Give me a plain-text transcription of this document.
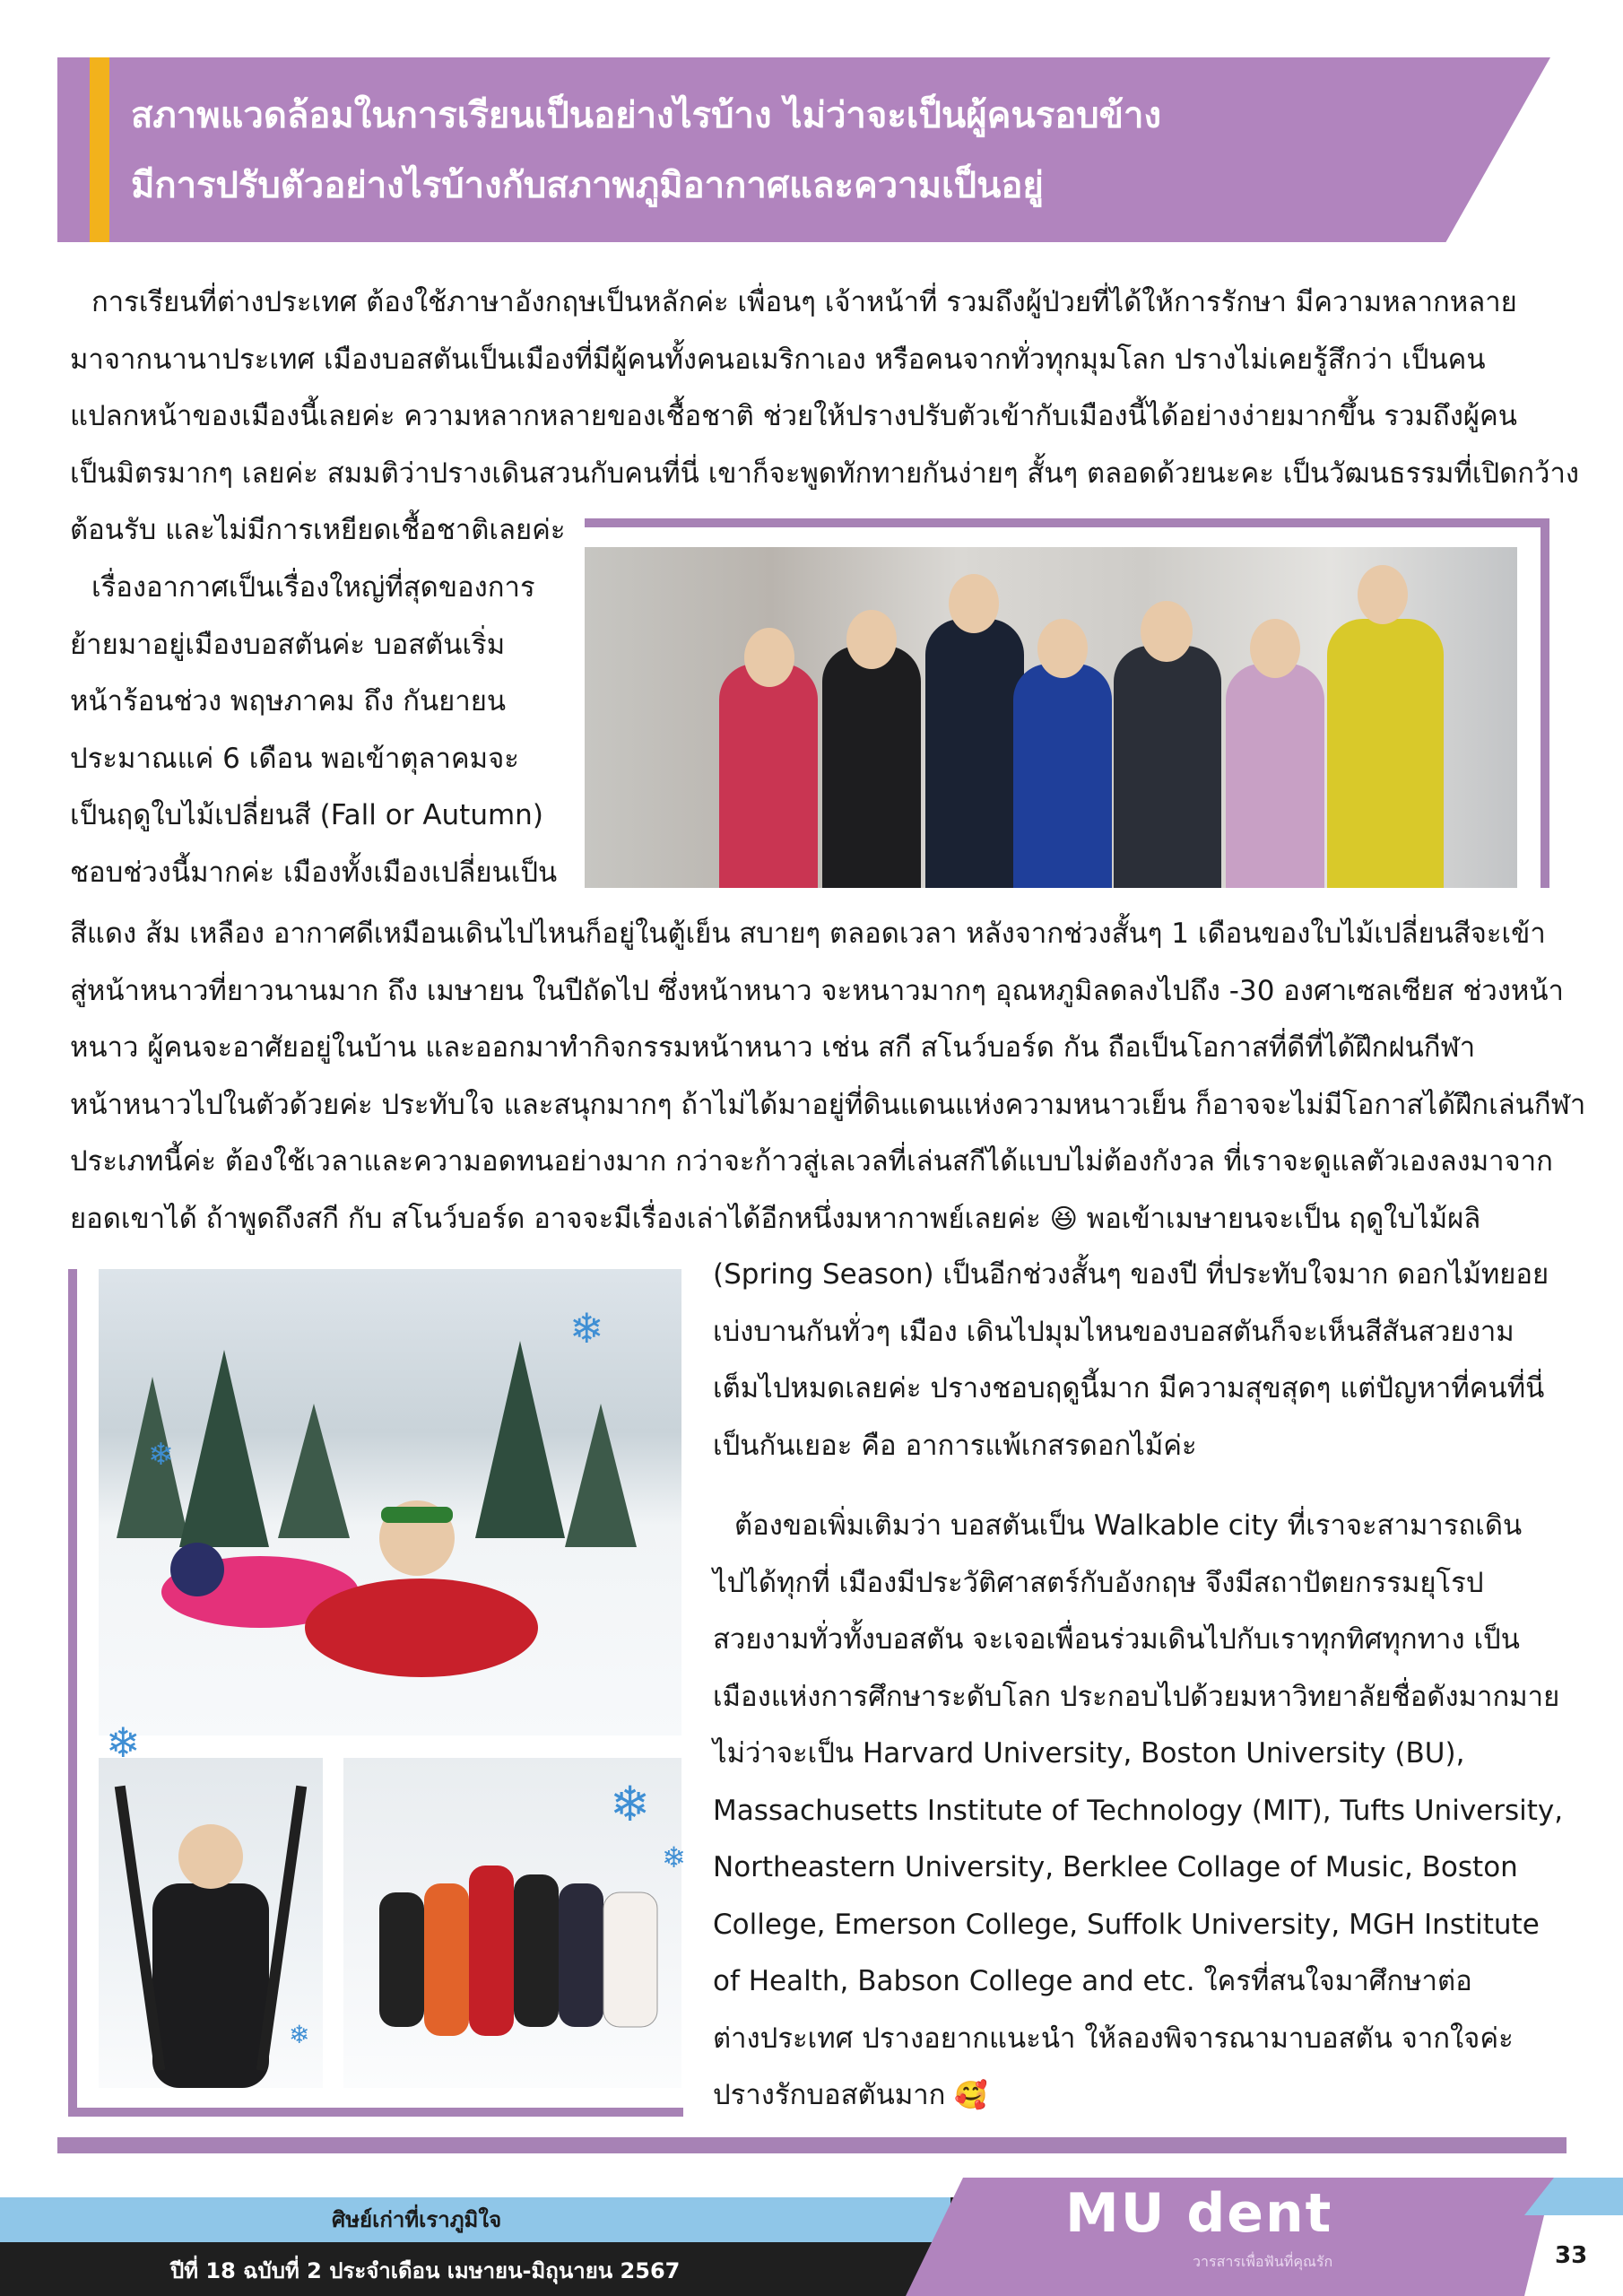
สภาพแวดล้อมในการเรียนเป็นอย่างไรบ้าง ไม่ว่าจะเป็นผู้คนรอบข้าง
มีการปรับตัวอย่างไรบ้างกับสภาพภูมิอากาศและความเป็นอยู่
การเรียนที่ต่างประเทศ ต้องใช้ภาษาอังกฤษเป็นหลักค่ะ เพื่อนๆ เจ้าหน้าที่ รวมถึงผู้ป่วยที่ได้ให้การรักษา มีความหลากหลาย
มาจากนานาประเทศ เมืองบอสตันเป็นเมืองที่มีผู้คนทั้งคนอเมริกาเอง หรือคนจากทั่วทุกมุมโลก ปรางไม่เคยรู้สึกว่า เป็นคน
แปลกหน้าของเมืองนี้เลยค่ะ ความหลากหลายของเชื้อชาติ ช่วยให้ปรางปรับตัวเข้ากับเมืองนี้ได้อย่างง่ายมากขึ้น รวมถึงผู้คน
เป็นมิตรมากๆ เลยค่ะ สมมติว่าปรางเดินสวนกับคนที่นี่ เขาก็จะพูดทักทายกันง่ายๆ สั้นๆ ตลอดด้วยนะคะ เป็นวัฒนธรรมที่เปิดกว้าง
ต้อนรับ และไม่มีการเหยียดเชื้อชาติเลยค่ะ
เรื่องอากาศเป็นเรื่องใหญ่ที่สุดของการ
ย้ายมาอยู่เมืองบอสตันค่ะ บอสตันเริ่ม
หน้าร้อนช่วง พฤษภาคม ถึง กันยายน
ประมาณแค่ 6 เดือน พอเข้าตุลาคมจะ
เป็นฤดูใบไม้เปลี่ยนสี (Fall or Autumn)
ชอบช่วงนี้มากค่ะ เมืองทั้งเมืองเปลี่ยนเป็น
สีแดง ส้ม เหลือง อากาศดีเหมือนเดินไปไหนก็อยู่ในตู้เย็น สบายๆ ตลอดเวลา หลังจากช่วงสั้นๆ 1 เดือนของใบไม้เปลี่ยนสีจะเข้า
สู่หน้าหนาวที่ยาวนานมาก ถึง เมษายน ในปีถัดไป ซึ่งหน้าหนาว จะหนาวมากๆ อุณหภูมิลดลงไปถึง -30 องศาเซลเซียส ช่วงหน้า
หนาว ผู้คนจะอาศัยอยู่ในบ้าน และออกมาทำกิจกรรมหน้าหนาว เช่น สกี สโนว์บอร์ด กัน ถือเป็นโอกาสที่ดีที่ได้ฝึกฝนกีฬา
หน้าหนาวไปในตัวด้วยค่ะ ประทับใจ และสนุกมากๆ ถ้าไม่ได้มาอยู่ที่ดินแดนแห่งความหนาวเย็น ก็อาจจะไม่มีโอกาสได้ฝึกเล่นกีฬา
ประเภทนี้ค่ะ ต้องใช้เวลาและความอดทนอย่างมาก กว่าจะก้าวสู่เลเวลที่เล่นสกีได้แบบไม่ต้องกังวล ที่เราจะดูแลตัวเองลงมาจาก
ยอดเขาได้ ถ้าพูดถึงสกี กับ สโนว์บอร์ด อาจจะมีเรื่องเล่าได้อีกหนึ่งมหากาพย์เลยค่ะ 😆 พอเข้าเมษายนจะเป็น ฤดูใบไม้ผลิ
(Spring Season) เป็นอีกช่วงสั้นๆ ของปี ที่ประทับใจมาก ดอกไม้ทยอย
เบ่งบานกันทั่วๆ เมือง เดินไปมุมไหนของบอสตันก็จะเห็นสีสันสวยงาม
เต็มไปหมดเลยค่ะ ปรางชอบฤดูนี้มาก มีความสุขสุดๆ แต่ปัญหาที่คนที่นี่
เป็นกันเยอะ คือ อาการแพ้เกสรดอกไม้ค่ะ
❄
❄
❄
❄
❄
❄
ต้องขอเพิ่มเติมว่า บอสตันเป็น Walkable city ที่เราจะสามารถเดิน
ไปได้ทุกที่ เมืองมีประวัติศาสตร์กับอังกฤษ จึงมีสถาปัตยกรรมยุโรป
สวยงามทั่วทั้งบอสตัน จะเจอเพื่อนร่วมเดินไปกับเราทุกทิศทุกทาง เป็น
เมืองแห่งการศึกษาระดับโลก ประกอบไปด้วยมหาวิทยาลัยชื่อดังมากมาย
ไม่ว่าจะเป็น Harvard University, Boston University (BU),
Massachusetts Institute of Technology (MIT), Tufts University,
Northeastern University, Berklee Collage of Music, Boston
College, Emerson College, Suffolk University, MGH Institute
of Health, Babson College and etc. ใครที่สนใจมาศึกษาต่อ
ต่างประเทศ ปรางอยากแนะนำ ให้ลองพิจารณามาบอสตัน จากใจค่ะ
ปรางรักบอสตันมาก 🥰
ศิษย์เก่าที่เราภูมิใจ
ปีที่ 18 ฉบับที่ 2 ประจำเดือน เมษายน-มิถุนายน 2567
MU dent
วารสารเพื่อฟันที่คุณรัก	33
